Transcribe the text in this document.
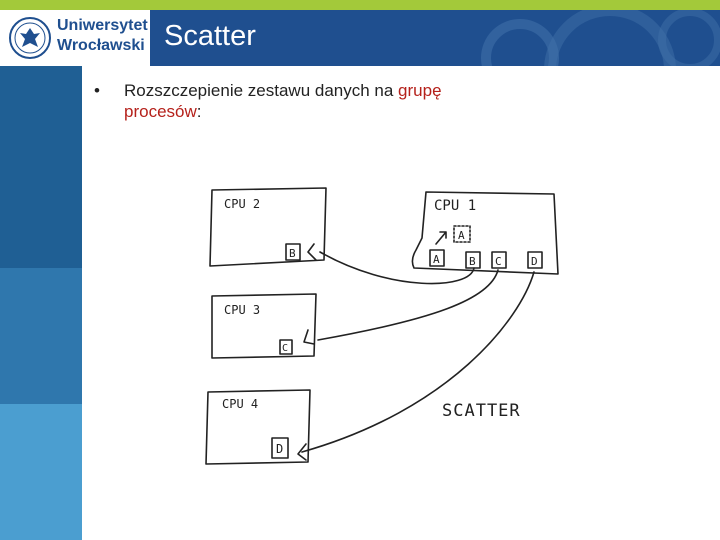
Uniwersytet
Wrocławski Scatter
•	Rozszczepienie zestawu danych na grupę
procesów:
CPU 2
CPU 3
CPU 4
CPU 1
A
A	B C	D
B
C
D
SCATTER
